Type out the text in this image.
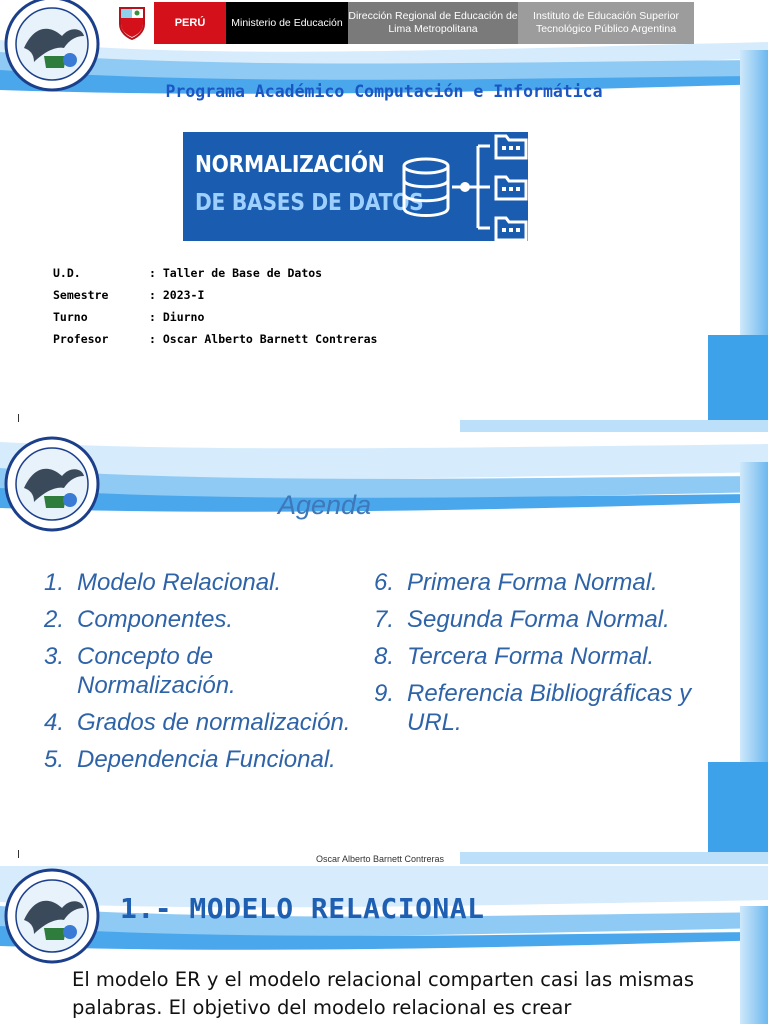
PERÚ	Ministerio de Educación
Dirección Regional de Educación de Lima Metropolitana
Instituto de Educación Superior Tecnológico Público Argentina
Programa Académico Computación e Informática
NORMALIZACIÓN
DE BASES DE DATOS
U.D.	: Taller de Base de Datos
Semestre	: 2023-I
Turno	: Diurno
Profesor	: Oscar Alberto Barnett Contreras
Agenda
1. Modelo Relacional.
2. Componentes.
3. Concepto de Normalización.
4. Grados de normalización.
5. Dependencia Funcional.
6. Primera Forma Normal.
7. Segunda Forma Normal.
8. Tercera Forma Normal.
9. Referencia Bibliográficas y URL.
Oscar Alberto Barnett Contreras
1.- MODELO RELACIONAL
El modelo ER y el modelo relacional comparten casi las mismas palabras. El objetivo del modelo relacional es crear
